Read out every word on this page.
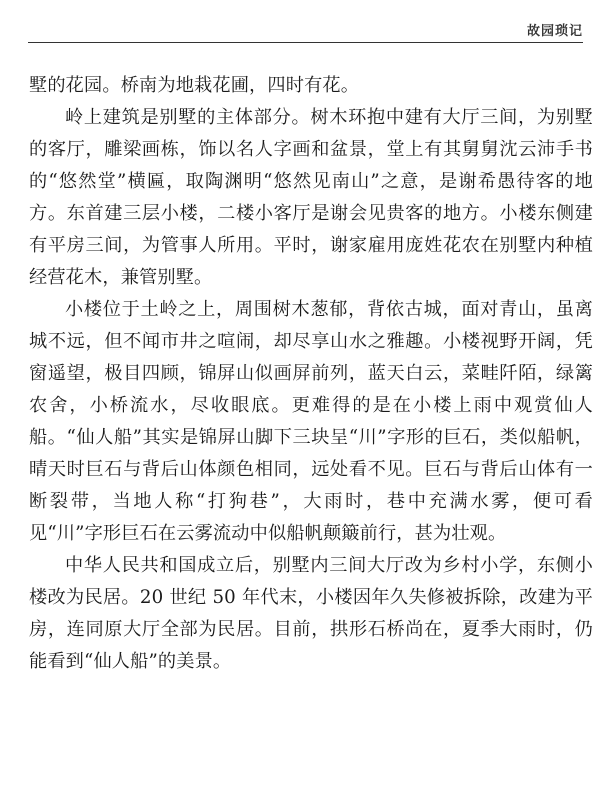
故园琐记

墅的花园。桥南为地栽花圃，四时有花。

岭上建筑是别墅的主体部分。树木环抱中建有大厅三间，为别墅的客厅，雕梁画栋，饰以名人字画和盆景，堂上有其舅舅沈云沛手书的“悠然堂”横匾，取陶渊明“悠然见南山”之意，是谢希愚待客的地方。东首建三层小楼，二楼小客厅是谢会见贵客的地方。小楼东侧建有平房三间，为管事人所用。平时，谢家雇用庞姓花农在别墅内种植经营花木，兼管别墅。

小楼位于土岭之上，周围树木葱郁，背依古城，面对青山，虽离城不远，但不闻市井之喧闹，却尽享山水之雅趣。小楼视野开阔，凭窗遥望，极目四顾，锦屏山似画屏前列，蓝天白云，菜畦阡陌，绿篱农舍，小桥流水，尽收眼底。更难得的是在小楼上雨中观赏仙人船。“仙人船”其实是锦屏山脚下三块呈“川”字形的巨石，类似船帆，晴天时巨石与背后山体颜色相同，远处看不见。巨石与背后山体有一断裂带，当地人称“打狗巷”，大雨时，巷中充满水雾，便可看见“川”字形巨石在云雾流动中似船帆颠簸前行，甚为壮观。

中华人民共和国成立后，别墅内三间大厅改为乡村小学，东侧小楼改为民居。20 世纪 50 年代末，小楼因年久失修被拆除，改建为平房，连同原大厅全部为民居。目前，拱形石桥尚在，夏季大雨时，仍能看到“仙人船”的美景。
